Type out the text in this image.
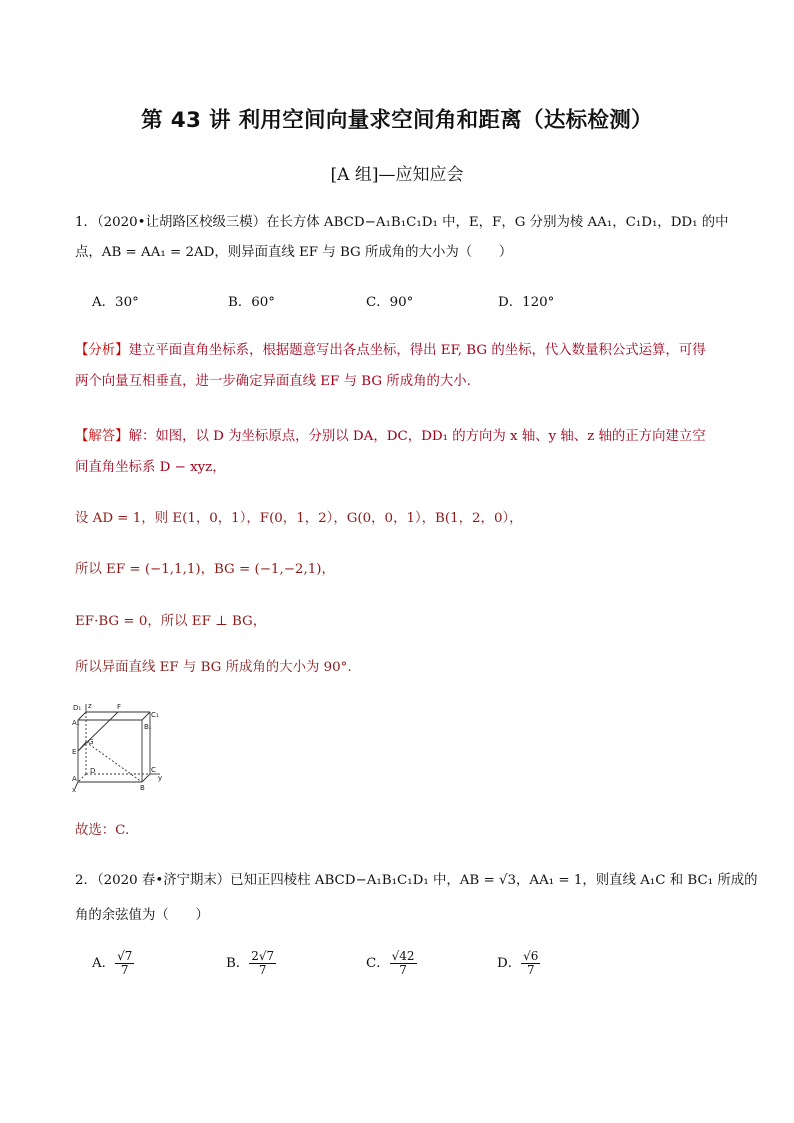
第 43 讲 利用空间向量求空间角和距离（达标检测）
[A 组]—应知应会
1．（2020•让胡路区校级三模）在长方体 ABCD−A₁B₁C₁D₁ 中，E，F，G 分别为棱 AA₁，C₁D₁，DD₁ 的中
点，AB = AA₁ = 2AD，则异面直线 EF 与 BG 所成角的大小为（　　）
A．30°	B．60°	C．90°	D．120°
【分析】建立平面直角坐标系，根据题意写出各点坐标，得出 EF, BG 的坐标，代入数量积公式运算，可得
两个向量互相垂直，进一步确定异面直线 EF 与 BG 所成角的大小.
【解答】解：如图，以 D 为坐标原点，分别以 DA，DC，DD₁ 的方向为 x 轴、y 轴、z 轴的正方向建立空
间直角坐标系 D − xyz，
设 AD = 1，则 E(1，0，1），F(0，1，2），G(0，0，1），B(1，2，0），
所以 EF = (−1,1,1)，BG = (−1,−2,1)，
EF·BG = 0，所以 EF ⊥ BG，
所以异面直线 EF 与 BG 所成角的大小为 90°.
D₁ z	F
C₁
A₁	B₁
G
E
D	C
y
A
B
x
故选：C.
2．（2020 春•济宁期末）已知正四棱柱 ABCD−A₁B₁C₁D₁ 中，AB = √3，AA₁ = 1，则直线 A₁C 和 BC₁ 所成的
角的余弦值为（　　）
A． $\frac{√7}{7}$	B． $\frac{2√7}{7}$	C． $\frac{√42}{7}$	D． $\frac{√6}{7}$
